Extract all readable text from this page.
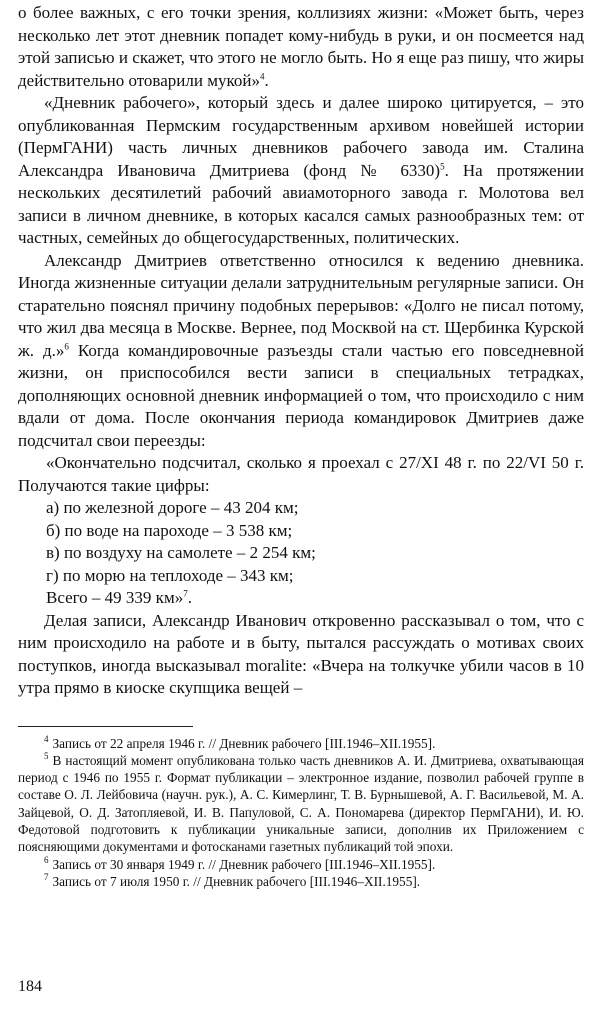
о более важных, с его точки зрения, коллизиях жизни: «Может быть, через несколько лет этот дневник попадет кому-нибудь в руки, и он посмеется над этой записью и скажет, что этого не могло быть. Но я еще раз пишу, что жиры действительно отоварили мукой»$^4$.

«Дневник рабочего», который здесь и далее широко цитируется, – это опубликованная Пермским государственным архивом новейшей истории (ПермГАНИ) часть личных дневников рабочего завода им. Сталина Александра Ивановича Дмитриева (фонд № 6330)$^5$. На протяжении нескольких десятилетий рабочий авиамоторного завода г. Молотова вел записи в личном дневнике, в которых касался самых разнообразных тем: от частных, семейных до общегосударственных, политических.

Александр Дмитриев ответственно относился к ведению дневника. Иногда жизненные ситуации делали затруднительным регулярные записи. Он старательно пояснял причину подобных перерывов: «Долго не писал потому, что жил два месяца в Москве. Вернее, под Москвой на ст. Щербинка Курской ж. д.»$^6$ Когда командировочные разъезды стали частью его повседневной жизни, он приспособился вести записи в специальных тетрадках, дополняющих основной дневник информацией о том, что происходило с ним вдали от дома. После окончания периода командировок Дмитриев даже подсчитал свои переезды:

«Окончательно подсчитал, сколько я проехал с 27/XI 48 г. по 22/VI 50 г. Получаются такие цифры:

а) по железной дороге – 43 204 км;

б) по воде на пароходе – 3 538 км;

в) по воздуху на самолете – 2 254 км;

г) по морю на теплоходе – 343 км;

Всего – 49 339 км»$^7$.

Делая записи, Александр Иванович откровенно рассказывал о том, что с ним происходило на работе и в быту, пытался рассуждать о мотивах своих поступков, иногда высказывал moralite: «Вчера на толкучке убили часов в 10 утра прямо в киоске скупщика вещей –

$^4$ Запись от 22 апреля 1946 г. // Дневник рабочего [III.1946–XII.1955].

$^5$ В настоящий момент опубликована только часть дневников А. И. Дмитриева, охватывающая период с 1946 по 1955 г. Формат публикации – электронное издание, позволил рабочей группе в составе О. Л. Лейбовича (научн. рук.), А. С. Кимерлинг, Т. В. Бурнышевой, А. Г. Васильевой, М. А. Зайцевой, О. Д. Затопляевой, И. В. Папуловой, С. А. Пономарева (директор ПермГАНИ), И. Ю. Федотовой подготовить к публикации уникальные записи, дополнив их Приложением с поясняющими документами и фотосканами газетных публикаций той эпохи.

$^6$ Запись от 30 января 1949 г. // Дневник рабочего [III.1946–XII.1955].

$^7$ Запись от 7 июля 1950 г. // Дневник рабочего [III.1946–XII.1955].

184
